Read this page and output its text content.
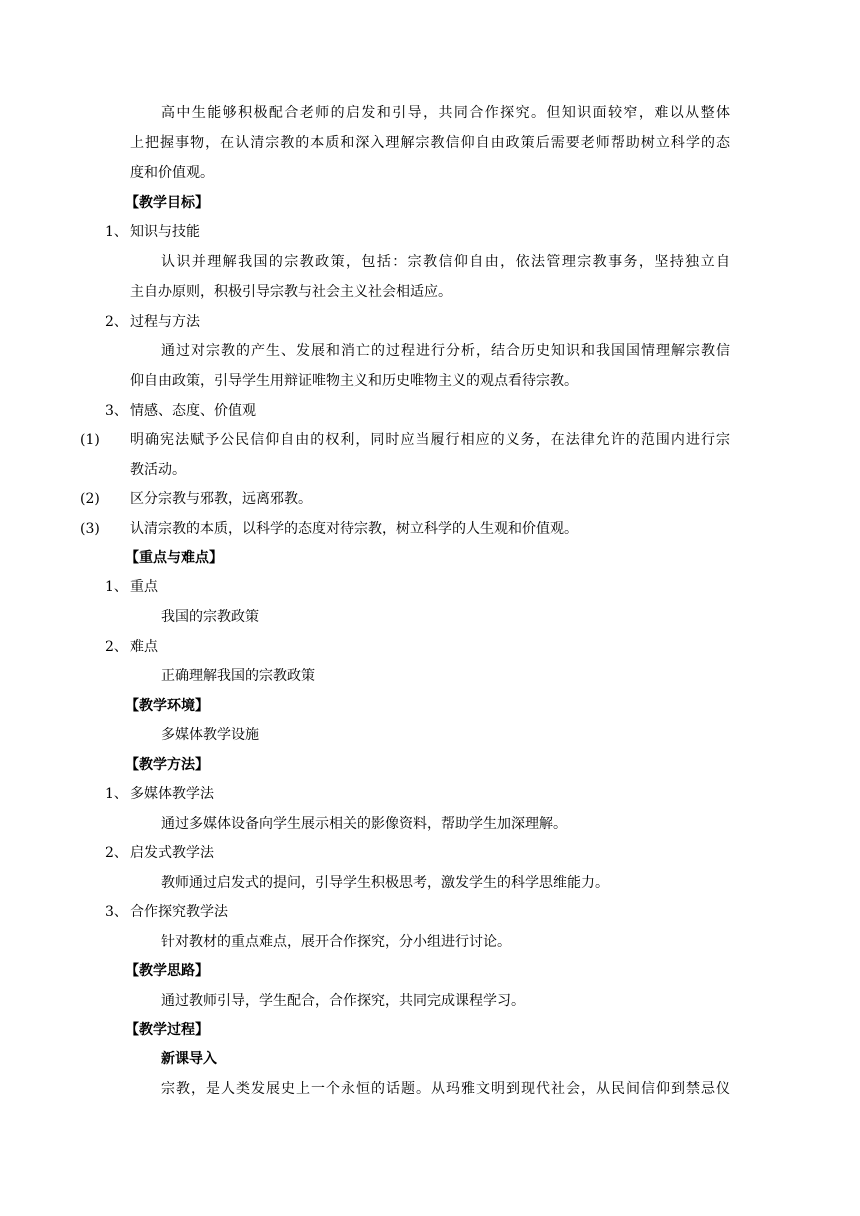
高中生能够积极配合老师的启发和引导，共同合作探究。但知识面较窄，难以从整体
上把握事物，在认清宗教的本质和深入理解宗教信仰自由政策后需要老师帮助树立科学的态
度和价值观。
【教学目标】
1、 知识与技能
认识并理解我国的宗教政策，包括：宗教信仰自由，依法管理宗教事务，坚持独立自
主自办原则，积极引导宗教与社会主义社会相适应。
2、 过程与方法
通过对宗教的产生、发展和消亡的过程进行分析，结合历史知识和我国国情理解宗教信
仰自由政策，引导学生用辩证唯物主义和历史唯物主义的观点看待宗教。
3、 情感、态度、价值观
(1) 明确宪法赋予公民信仰自由的权利，同时应当履行相应的义务，在法律允许的范围内进行宗
教活动。
(2) 区分宗教与邪教，远离邪教。
(3) 认清宗教的本质，以科学的态度对待宗教，树立科学的人生观和价值观。
【重点与难点】
1、 重点
我国的宗教政策
2、 难点
正确理解我国的宗教政策
【教学环境】
多媒体教学设施
【教学方法】
1、 多媒体教学法
通过多媒体设备向学生展示相关的影像资料，帮助学生加深理解。
2、 启发式教学法
教师通过启发式的提问，引导学生积极思考，激发学生的科学思维能力。
3、 合作探究教学法
针对教材的重点难点，展开合作探究，分小组进行讨论。
【教学思路】
通过教师引导，学生配合，合作探究，共同完成课程学习。
【教学过程】
新课导入
宗教，是人类发展史上一个永恒的话题。从玛雅文明到现代社会，从民间信仰到禁忌仪
